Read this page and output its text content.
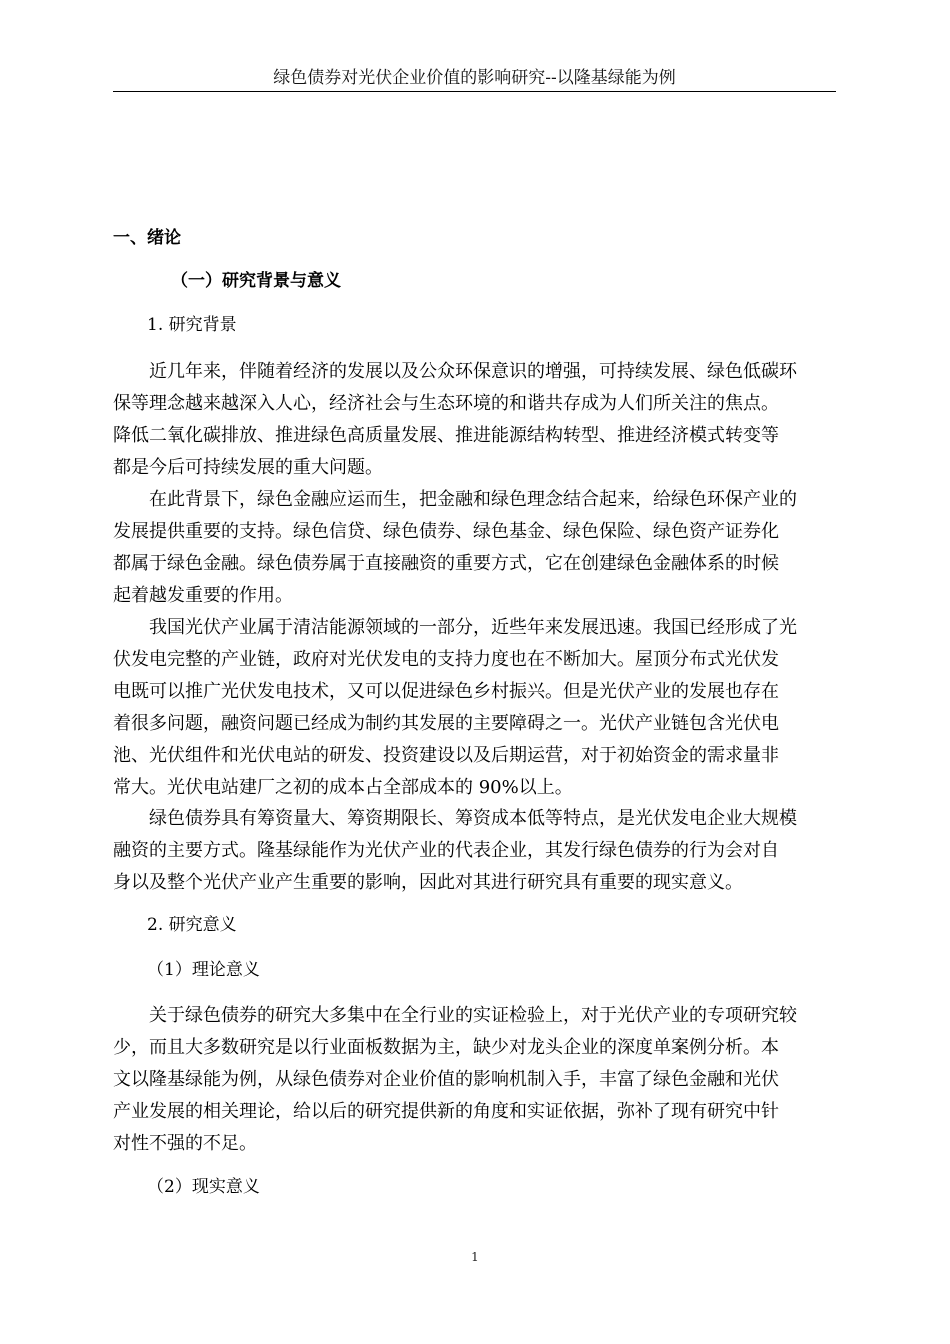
绿色债券对光伏企业价值的影响研究--以隆基绿能为例
一、绪论
（一）研究背景与意义
1. 研究背景
近几年来，伴随着经济的发展以及公众环保意识的增强，可持续发展、绿色低碳环
保等理念越来越深入人心，经济社会与生态环境的和谐共存成为人们所关注的焦点。
降低二氧化碳排放、推进绿色高质量发展、推进能源结构转型、推进经济模式转变等
都是今后可持续发展的重大问题。
在此背景下，绿色金融应运而生，把金融和绿色理念结合起来，给绿色环保产业的
发展提供重要的支持。绿色信贷、绿色债券、绿色基金、绿色保险、绿色资产证券化
都属于绿色金融。绿色债券属于直接融资的重要方式，它在创建绿色金融体系的时候
起着越发重要的作用。
我国光伏产业属于清洁能源领域的一部分，近些年来发展迅速。我国已经形成了光
伏发电完整的产业链，政府对光伏发电的支持力度也在不断加大。屋顶分布式光伏发
电既可以推广光伏发电技术，又可以促进绿色乡村振兴。但是光伏产业的发展也存在
着很多问题，融资问题已经成为制约其发展的主要障碍之一。光伏产业链包含光伏电
池、光伏组件和光伏电站的研发、投资建设以及后期运营，对于初始资金的需求量非
常大。光伏电站建厂之初的成本占全部成本的 90%以上。
绿色债券具有筹资量大、筹资期限长、筹资成本低等特点，是光伏发电企业大规模
融资的主要方式。隆基绿能作为光伏产业的代表企业，其发行绿色债券的行为会对自
身以及整个光伏产业产生重要的影响，因此对其进行研究具有重要的现实意义。
2. 研究意义
（1）理论意义
关于绿色债券的研究大多集中在全行业的实证检验上，对于光伏产业的专项研究较
少，而且大多数研究是以行业面板数据为主，缺少对龙头企业的深度单案例分析。本
文以隆基绿能为例，从绿色债券对企业价值的影响机制入手，丰富了绿色金融和光伏
产业发展的相关理论，给以后的研究提供新的角度和实证依据，弥补了现有研究中针
对性不强的不足。
（2）现实意义
1
